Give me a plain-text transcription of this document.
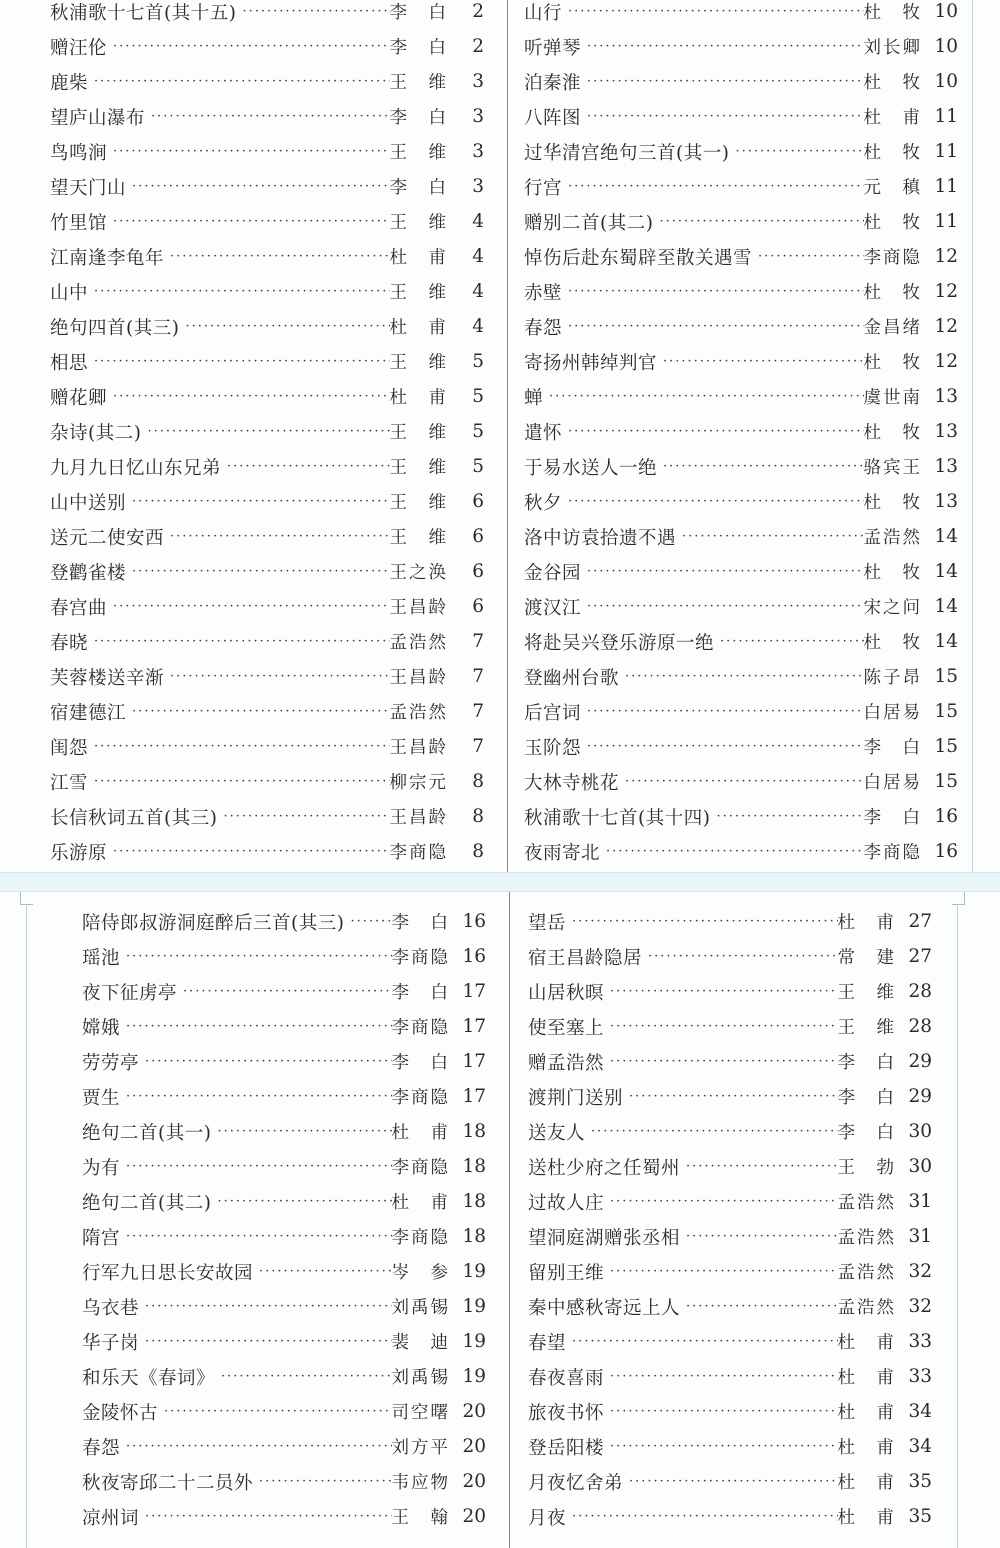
秋浦歌十七首(其十五) ·····	李　白	2
赠汪伦 ·····	李　白	2
鹿柴 ·····	王　维	3
望庐山瀑布 ·····	李　白	3
鸟鸣涧 ·····	王　维	3
望天门山 ·····	李　白	3
竹里馆 ·····	王　维	4
江南逢李龟年 ·····	杜　甫	4
山中 ·····	王　维	4
绝句四首(其三) ·····	杜　甫	4
相思 ·····	王　维	5
赠花卿 ·····	杜　甫	5
杂诗(其二) ·····	王　维	5
九月九日忆山东兄弟 ·····	王　维	5
山中送别 ·····	王　维	6
送元二使安西 ·····	王　维	6
登鹳雀楼 ·····	王之涣	6
春宫曲 ·····	王昌龄	6
春晓 ·····	孟浩然	7
芙蓉楼送辛渐 ·····	王昌龄	7
宿建德江 ·····	孟浩然	7
闺怨 ·····	王昌龄	7
江雪 ·····	柳宗元	8
长信秋词五首(其三) ·····	王昌龄	8
乐游原 ·····	李商隐	8
山行 ·····	杜　牧 10
听弹琴 ·····	刘长卿 10
泊秦淮 ·····	杜　牧 10
八阵图 ·····	杜　甫 11
过华清宫绝句三首(其一) ·····	杜　牧 11
行宫 ·····	元　稹 11
赠别二首(其二) ·····	杜　牧 11
悼伤后赴东蜀辟至散关遇雪 ·····	李商隐 12
赤壁 ·····	杜　牧 12
春怨 ·····	金昌绪 12
寄扬州韩绰判官 ·····	杜　牧 12
蝉 ·····	虞世南 13
遣怀 ·····	杜　牧 13
于易水送人一绝 ·····	骆宾王 13
秋夕 ·····	杜　牧 13
洛中访袁拾遗不遇 ·····	孟浩然 14
金谷园 ·····	杜　牧 14
渡汉江 ·····	宋之问 14
将赴吴兴登乐游原一绝 ·····	杜　牧 14
登幽州台歌 ·····	陈子昂 15
后宫词 ·····	白居易 15
玉阶怨 ·····	李　白 15
大林寺桃花 ·····	白居易 15
秋浦歌十七首(其十四) ·····	李　白 16
夜雨寄北 ·····	李商隐 16
陪侍郎叔游洞庭醉后三首(其三) ·····	李　白 16
瑶池 ·····	李商隐 16
夜下征虏亭 ·····	李　白 17
嫦娥 ·····	李商隐 17
劳劳亭 ·····	李　白 17
贾生 ·····	李商隐 17
绝句二首(其一) ·····	杜　甫 18
为有 ·····	李商隐 18
绝句二首(其二) ·····	杜　甫 18
隋宫 ·····	李商隐 18
行军九日思长安故园 ·····	岑　参 19
乌衣巷 ·····	刘禹锡 19
华子岗 ·····	裴　迪 19
和乐天《春词》 ·····	刘禹锡 19
金陵怀古 ·····	司空曙 20
春怨 ·····	刘方平 20
秋夜寄邱二十二员外 ·····	韦应物 20
凉州词 ·····	王　翰 20
望岳 ·····	杜　甫 27
宿王昌龄隐居 ·····	常　建 27
山居秋暝 ·····	王　维 28
使至塞上 ·····	王　维 28
赠孟浩然 ·····	李　白 29
渡荆门送别 ·····	李　白 29
送友人 ·····	李　白 30
送杜少府之任蜀州 ·····	王　勃 30
过故人庄 ·····	孟浩然 31
望洞庭湖赠张丞相 ·····	孟浩然 31
留别王维 ·····	孟浩然 32
秦中感秋寄远上人 ·····	孟浩然 32
春望 ·····	杜　甫 33
春夜喜雨 ·····	杜　甫 33
旅夜书怀 ·····	杜　甫 34
登岳阳楼 ·····	杜　甫 34
月夜忆舍弟 ·····	杜　甫 35
月夜 ·····	杜　甫 35
